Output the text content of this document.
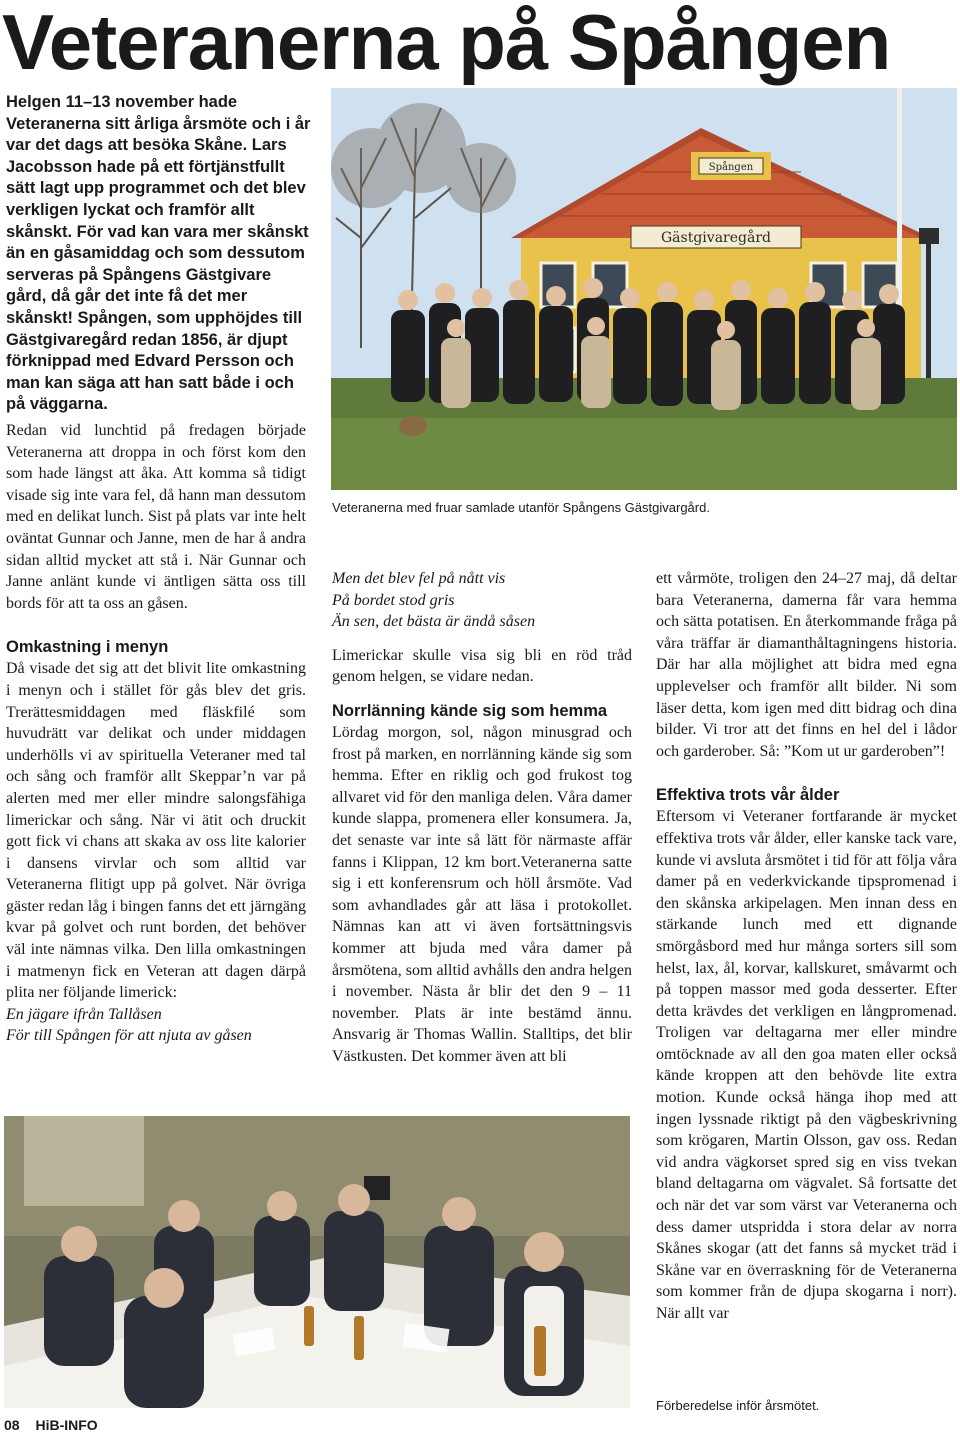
Veteranerna på Spången

Helgen 11–13 november hade Veteranerna sitt årliga årsmöte och i år var det dags att besöka Skåne. Lars Jacobsson hade på ett förtjänstfullt sätt lagt upp programmet och det blev verkligen lyckat och framför allt skånskt. För vad kan vara mer skånskt än en gåsamiddag och som dessutom serveras på Spångens Gästgivare gård, då går det inte få det mer skånskt! Spången, som upphöjdes till Gästgivaregård redan 1856, är djupt förknippad med Edvard Persson och man kan säga att han satt både i och på väggarna.

Spången
Gästgivaregård

Veteranerna med fruar samlade utanför Spångens Gästgivargård.

Redan vid lunchtid på fredagen började Veteranerna att droppa in och först kom den som hade längst att åka. Att komma så tidigt visade sig inte vara fel, då hann man dessutom med en delikat lunch. Sist på plats var inte helt oväntat Gunnar och Janne, men de har å andra sidan alltid mycket att stå i. När Gunnar och Janne anlänt kunde vi äntligen sätta oss till bords för att ta oss an gåsen.

Omkastning i menyn

Då visade det sig att det blivit lite omkastning i menyn och i stället för gås blev det gris. Trerättesmiddagen med fläskfilé som huvudrätt var delikat och under middagen underhölls vi av spirituella Veteraner med tal och sång och framför allt Skeppar’n var på alerten med mer eller mindre salongsfähiga limerickar och sång. När vi ätit och druckit gott fick vi chans att skaka av oss lite kalorier i dansens virvlar och som alltid var Veteranerna flitigt upp på golvet. När övriga gäster redan låg i bingen fanns det ett järngäng kvar på golvet och runt borden, det behöver väl inte nämnas vilka. Den lilla omkastningen i matmenyn fick en Veteran att dagen därpå plita ner följande limerick:

En jägare ifrån Tallåsen

För till Spången för att njuta av gåsen

Men det blev fel på nått vis

På bordet stod gris

Än sen, det bästa är ändå såsen

Limerickar skulle visa sig bli en röd tråd genom helgen, se vidare nedan.

Norrlänning kände sig som hemma

Lördag morgon, sol, någon minusgrad och frost på marken, en norrlänning kände sig som hemma. Efter en riklig och god frukost tog allvaret vid för den manliga delen. Våra damer kunde slappa, promenera eller konsumera. Ja, det senaste var inte så lätt för närmaste affär fanns i Klippan, 12 km bort.Veteranerna satte sig i ett konferensrum och höll årsmöte. Vad som avhandlades går att läsa i protokollet. Nämnas kan att vi även fortsättningsvis kommer att bjuda med våra damer på årsmötena, som alltid avhålls den andra helgen i november. Nästa år blir det den 9 – 11 november. Plats är inte bestämd ännu. Ansvarig är Thomas Wallin. Stalltips, det blir Västkusten. Det kommer även att bli

ett vårmöte, troligen den 24–27 maj, då deltar bara Veteranerna, damerna får vara hemma och sätta potatisen. En återkommande fråga på våra träffar är diamanthåltagningens historia. Där har alla möjlighet att bidra med egna upplevelser och framför allt bilder. Ni som läser detta, kom igen med ditt bidrag och dina bilder. Vi tror att det finns en hel del i lådor och garderober. Så: ”Kom ut ur garderoben”!

Effektiva trots vår ålder

Eftersom vi Veteraner fortfarande är mycket effektiva trots vår ålder, eller kanske tack vare, kunde vi avsluta årsmötet i tid för att följa våra damer på en vederkvickande tipspromenad i den skånska arkipelagen. Men innan dess en stärkande lunch med ett dignande smörgåsbord med hur många sorters sill som helst, lax, ål, korvar, kallskuret, småvarmt och på toppen massor med goda desserter. Efter detta krävdes det verkligen en långpromenad. Troligen var deltagarna mer eller mindre omtöcknade av all den goa maten eller också kände kroppen att den behövde lite extra motion. Kunde också hänga ihop med att ingen lyssnade riktigt på den vägbeskrivning som krögaren, Martin Olsson, gav oss. Redan vid andra vägkorset spred sig en viss tvekan bland deltagarna om vägvalet. Så fortsatte det och när det var som värst var Veteranerna och dess damer utspridda i stora delar av norra Skånes skogar (att det fanns så mycket träd i Skåne var en överraskning för de Veteranerna som kommer från de djupa skogarna i norr). När allt var

Förberedelse inför årsmötet.

08 HiB-INFO
